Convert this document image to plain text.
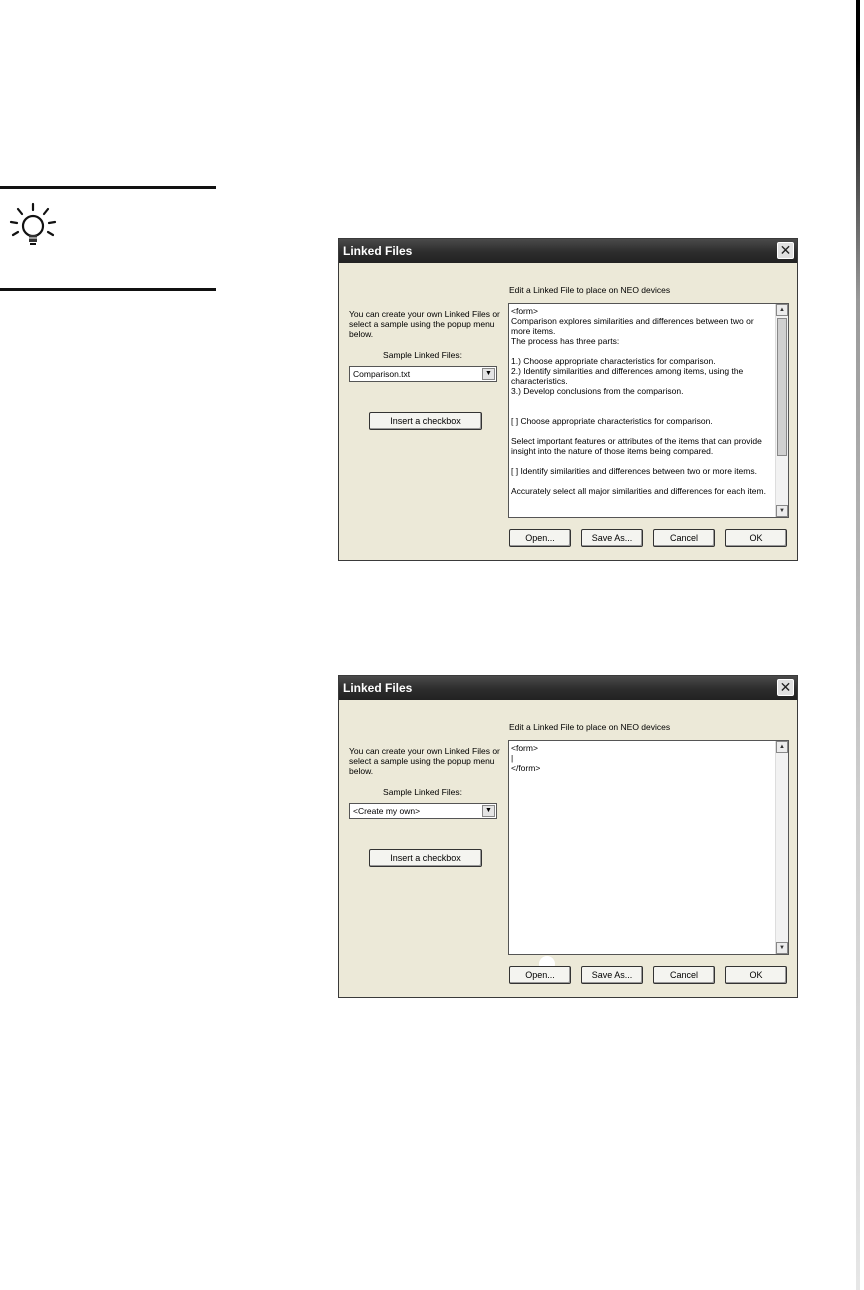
Linked Files	✕
You can create your own Linked Files or select a sample using the popup menu below.
Sample Linked Files:
Comparison.txt	▼
Insert a checkbox
Edit a Linked File to place on NEO devices
<form>
Comparison explores similarities and differences between two or
more items.
The process has three parts:
1.) Choose appropriate characteristics for comparison.
2.) Identify similarities and differences among items, using the
characteristics.
3.) Develop conclusions from the comparison.
[ ] Choose appropriate characteristics for comparison.
Select important features or attributes of the items that can provide
insight into the nature of those items being compared.
[ ] Identify similarities and differences between two or more items.
Accurately select all major similarities and differences for each item.
▲
▼
Open...	Save As...	Cancel	OK
Linked Files	✕
You can create your own Linked Files or select a sample using the popup menu below.
Sample Linked Files:
<Create my own>	▼
Insert a checkbox
Edit a Linked File to place on NEO devices
<form>
|
</form>
▲
▼
Open...	Save As...	Cancel	OK
